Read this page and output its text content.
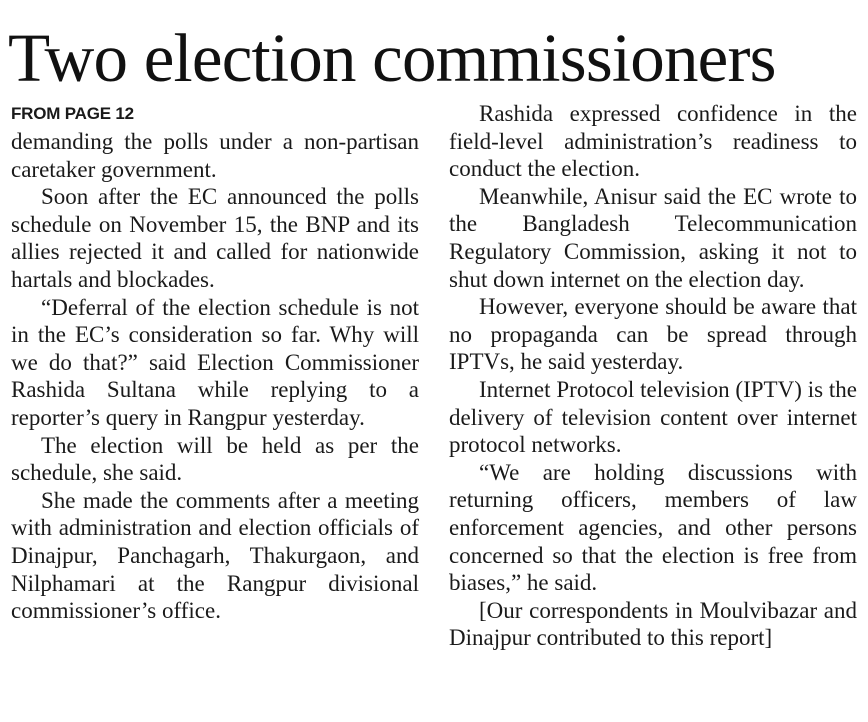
Two election commissioners
FROM PAGE 12

demanding the polls under a non-partisan caretaker government.

Soon after the EC announced the polls schedule on November 15, the BNP and its allies rejected it and called for nationwide hartals and blockades.

“Deferral of the election schedule is not in the EC’s consideration so far. Why will we do that?” said Election Commissioner Rashida Sultana while replying to a reporter’s query in Rangpur yesterday.

The election will be held as per the schedule, she said.

She made the comments after a meeting with administration and election officials of Dinajpur, Panchagarh, Thakurgaon, and Nilphamari at the Rangpur divisional commissioner’s office.

Rashida expressed confidence in the field-level administration’s readiness to conduct the election.

Meanwhile, Anisur said the EC wrote to the Bangladesh Telecommunication Regulatory Commission, asking it not to shut down internet on the election day.

However, everyone should be aware that no propaganda can be spread through IPTVs, he said yesterday.

Internet Protocol television (IPTV) is the delivery of television content over internet protocol networks.

“We are holding discussions with returning officers, members of law enforcement agencies, and other persons concerned so that the election is free from biases,” he said.

[Our correspondents in Moulvibazar and Dinajpur contributed to this report]
